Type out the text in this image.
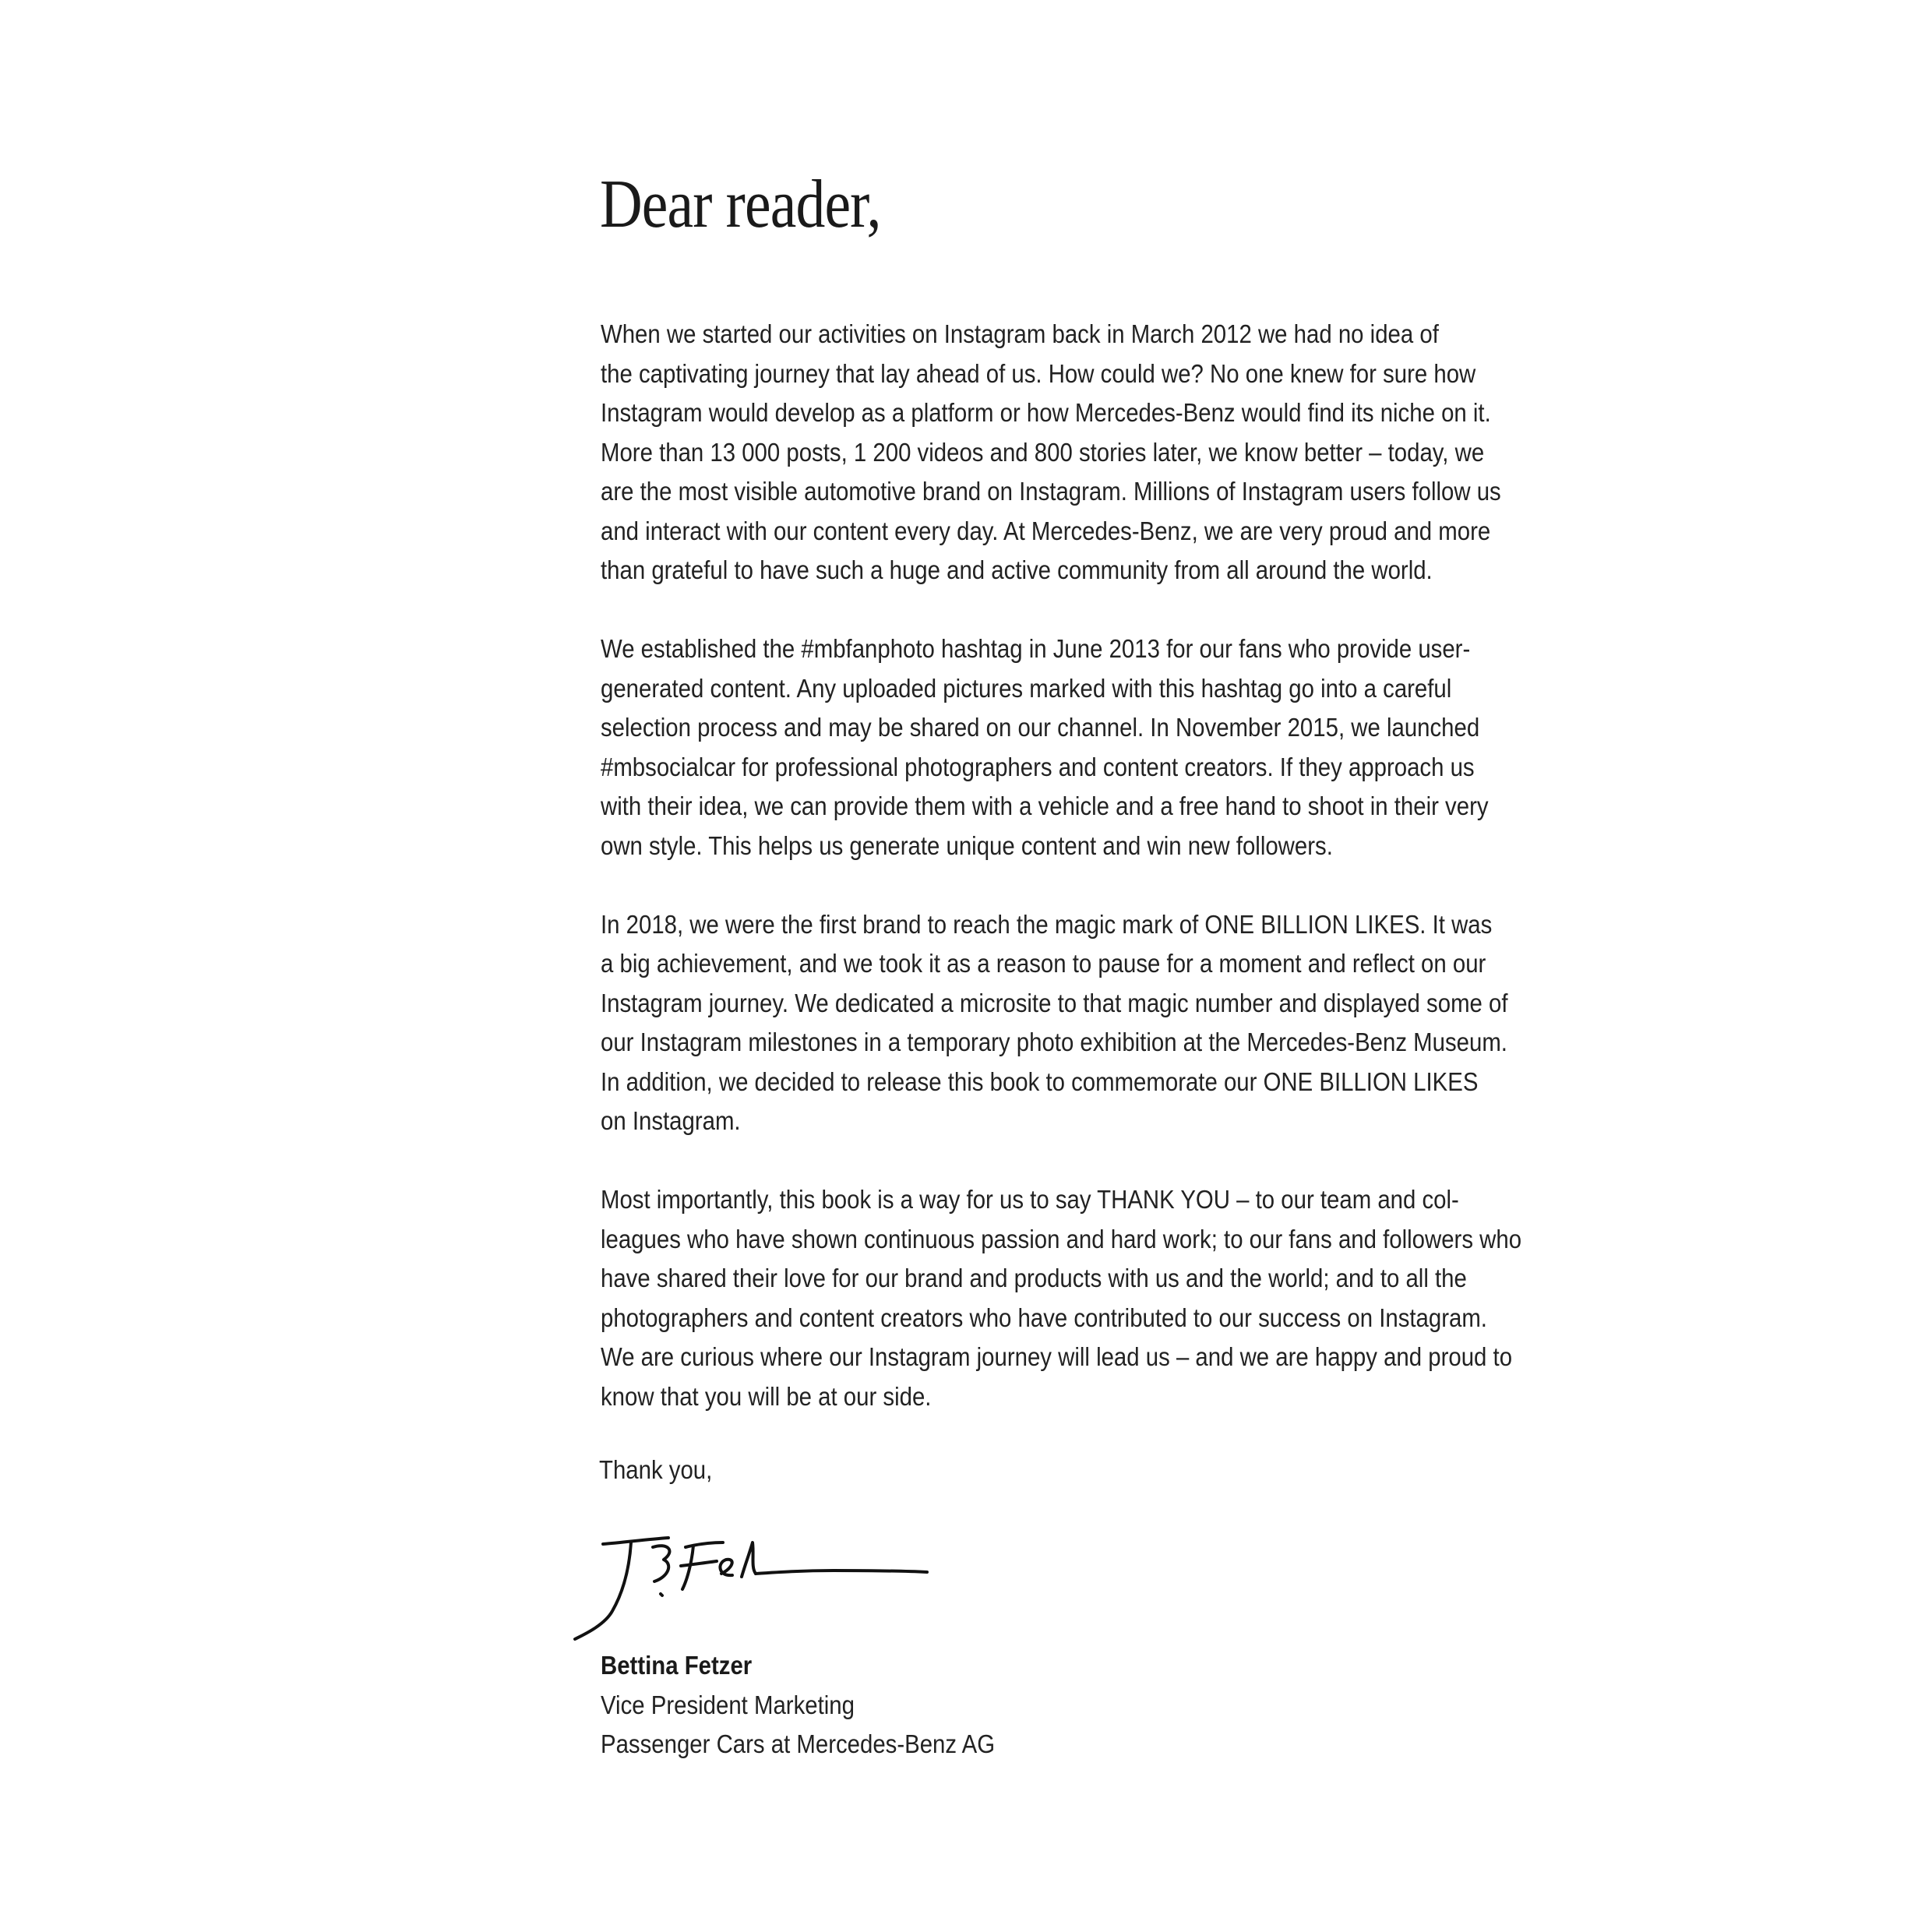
Dear reader,

When we started our activities on Instagram back in March 2012 we had no idea of
the captivating journey that lay ahead of us. How could we? No one knew for sure how
Instagram would develop as a platform or how Mercedes-Benz would find its niche on it.
More than 13 000 posts, 1 200 videos and 800 stories later, we know better – today, we
are the most visible automotive brand on Instagram. Millions of Instagram users follow us
and interact with our content every day. At Mercedes-Benz, we are very proud and more
than grateful to have such a huge and active community from all around the world.

We established the #mbfanphoto hashtag in June 2013 for our fans who provide user-
generated content. Any uploaded pictures marked with this hashtag go into a careful
selection process and may be shared on our channel. In November 2015, we launched
#mbsocialcar for professional photographers and content creators. If they approach us
with their idea, we can provide them with a vehicle and a free hand to shoot in their very
own style. This helps us generate unique content and win new followers.

In 2018, we were the first brand to reach the magic mark of ONE BILLION LIKES. It was
a big achievement, and we took it as a reason to pause for a moment and reflect on our
Instagram journey. We dedicated a microsite to that magic number and displayed some of
our Instagram milestones in a temporary photo exhibition at the Mercedes-Benz Museum.
In addition, we decided to release this book to commemorate our ONE BILLION LIKES
on Instagram.

Most importantly, this book is a way for us to say THANK YOU – to our team and col-
leagues who have shown continuous passion and hard work; to our fans and followers who
have shared their love for our brand and products with us and the world; and to all the
photographers and content creators who have contributed to our success on Instagram.
We are curious where our Instagram journey will lead us – and we are happy and proud to
know that you will be at our side.

Thank you,
Bettina Fetzer
Vice President Marketing
Passenger Cars at Mercedes-Benz AG
